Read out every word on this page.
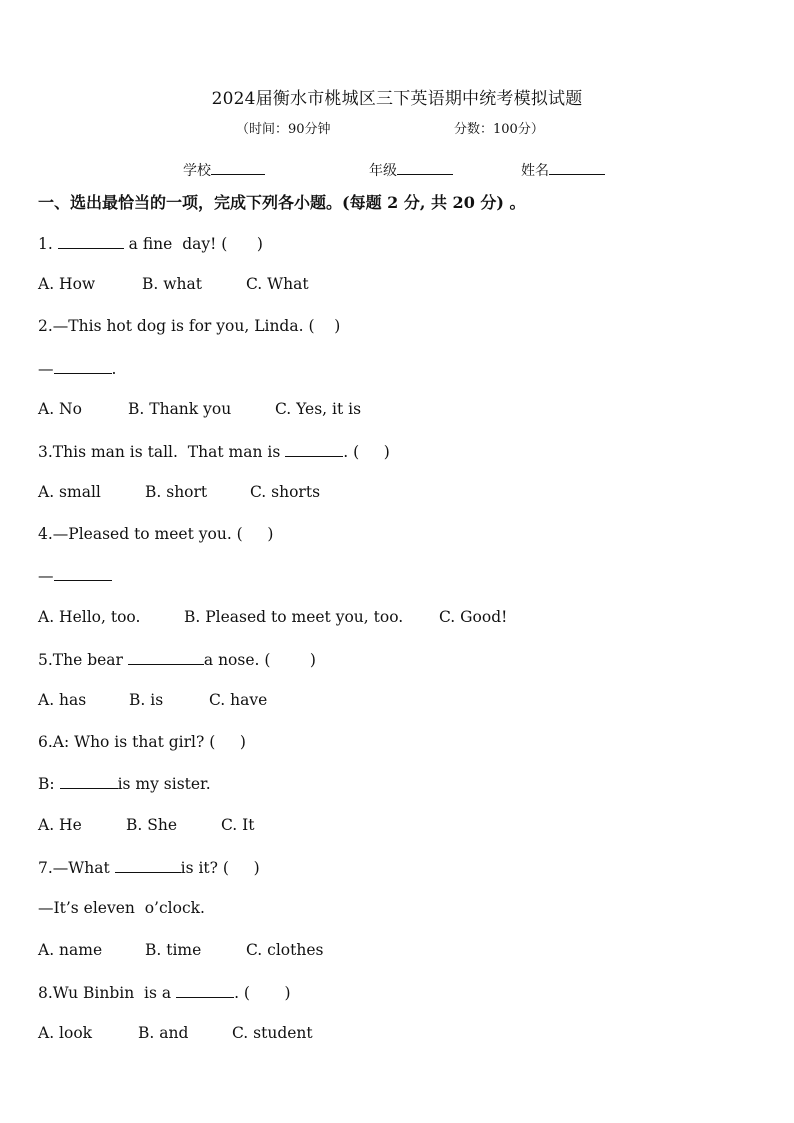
2024届衡水市桃城区三下英语期中统考模拟试题
（时间：90分钟	分数：100分）
学校	年级	姓名
一、选出最恰当的一项，完成下列各小题。(每题 2 分, 共 20 分) 。
1.	a fine  day! (      )
A. How	B. what	C. What
2.—This hot dog is for you, Linda. (    )
—	.
A. No	B. Thank you	C. Yes, it is
3.This man is tall.  That man is	. (     )
A. small	B. short	C. shorts
4.—Pleased to meet you. (     )
—
A. Hello, too.	B. Pleased to meet you, too. C. Good!
5.The bear	a nose. (        )
A. has	B. is	C. have
6.A: Who is that girl? (     )
B:	is my sister.
A. He	B. She	C. It
7.—What	is it? (     )
—It’s eleven  o’clock.
A. name	B. time	C. clothes
8.Wu Binbin  is a	. (       )
A. look	B. and	C. student
